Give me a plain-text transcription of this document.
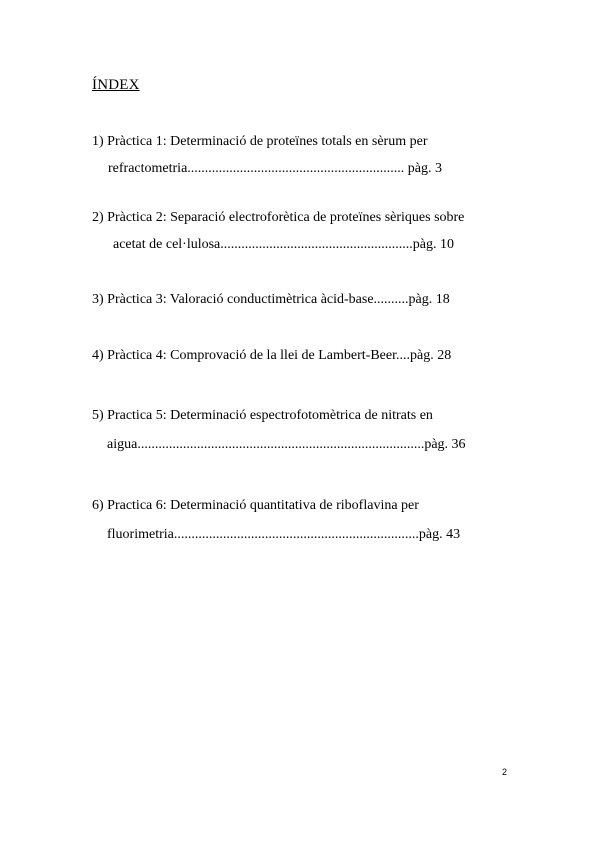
ÍNDEX
1) Pràctica 1: Determinació de proteïnes totals en sèrum per
refractometria.............................................................. pàg. 3
2) Pràctica 2: Separació electroforètica de proteïnes sèriques sobre
acetat de cel·lulosa.......................................................pàg. 10
3) Pràctica 3: Valoració conductimètrica àcid-base..........pàg. 18
4) Pràctica 4: Comprovació de la llei de Lambert-Beer....pàg. 28
5) Practica 5: Determinació espectrofotomètrica de nitrats en
aigua..................................................................................pàg. 36
6) Practica 6: Determinació quantitativa de riboflavina per
fluorimetria......................................................................pàg. 43
2
